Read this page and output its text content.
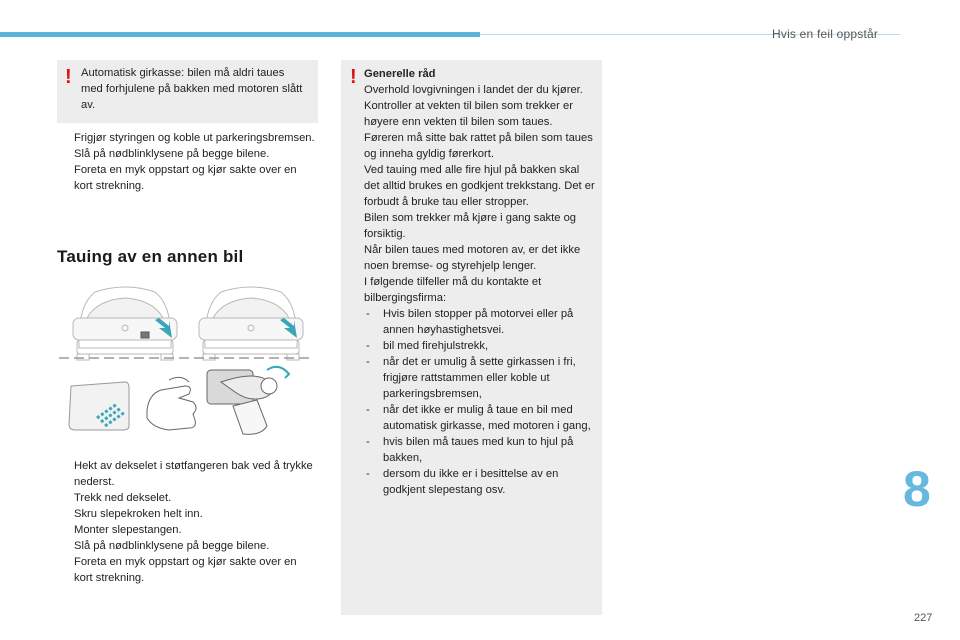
Hvis en feil oppstår
! Automatisk girkasse: bilen må aldri taues med forhjulene på bakken med motoren slått av.
Frigjør styringen og koble ut parkeringsbremsen.
Slå på nødblinklysene på begge bilene.
Foreta en myk oppstart og kjør sakte over en kort strekning.
Tauing av en annen bil
Hekt av dekselet i støtfangeren bak ved å trykke nederst.
Trekk ned dekselet.
Skru slepekroken helt inn.
Monter slepestangen.
Slå på nødblinklysene på begge bilene.
Foreta en myk oppstart og kjør sakte over en kort strekning.
! Generelle råd
Overhold lovgivningen i landet der du kjører.
Kontroller at vekten til bilen som trekker er høyere enn vekten til bilen som taues.
Føreren må sitte bak rattet på bilen som taues og inneha gyldig førerkort.
Ved tauing med alle fire hjul på bakken skal det alltid brukes en godkjent trekkstang. Det er forbudt å bruke tau eller stropper.
Bilen som trekker må kjøre i gang sakte og forsiktig.
Når bilen taues med motoren av, er det ikke noen bremse- og styrehjelp lenger.
I følgende tilfeller må du kontakte et bilbergingsfirma:
- Hvis bilen stopper på motorvei eller på annen høyhastighetsvei.
- bil med firehjulstrekk,
- når det er umulig å sette girkassen i fri, frigjøre rattstammen eller koble ut parkeringsbremsen,
- når det ikke er mulig å taue en bil med automatisk girkasse, med motoren i gang,
- hvis bilen må taues med kun to hjul på bakken,
- dersom du ikke er i besittelse av en godkjent slepestang osv.	8
227
